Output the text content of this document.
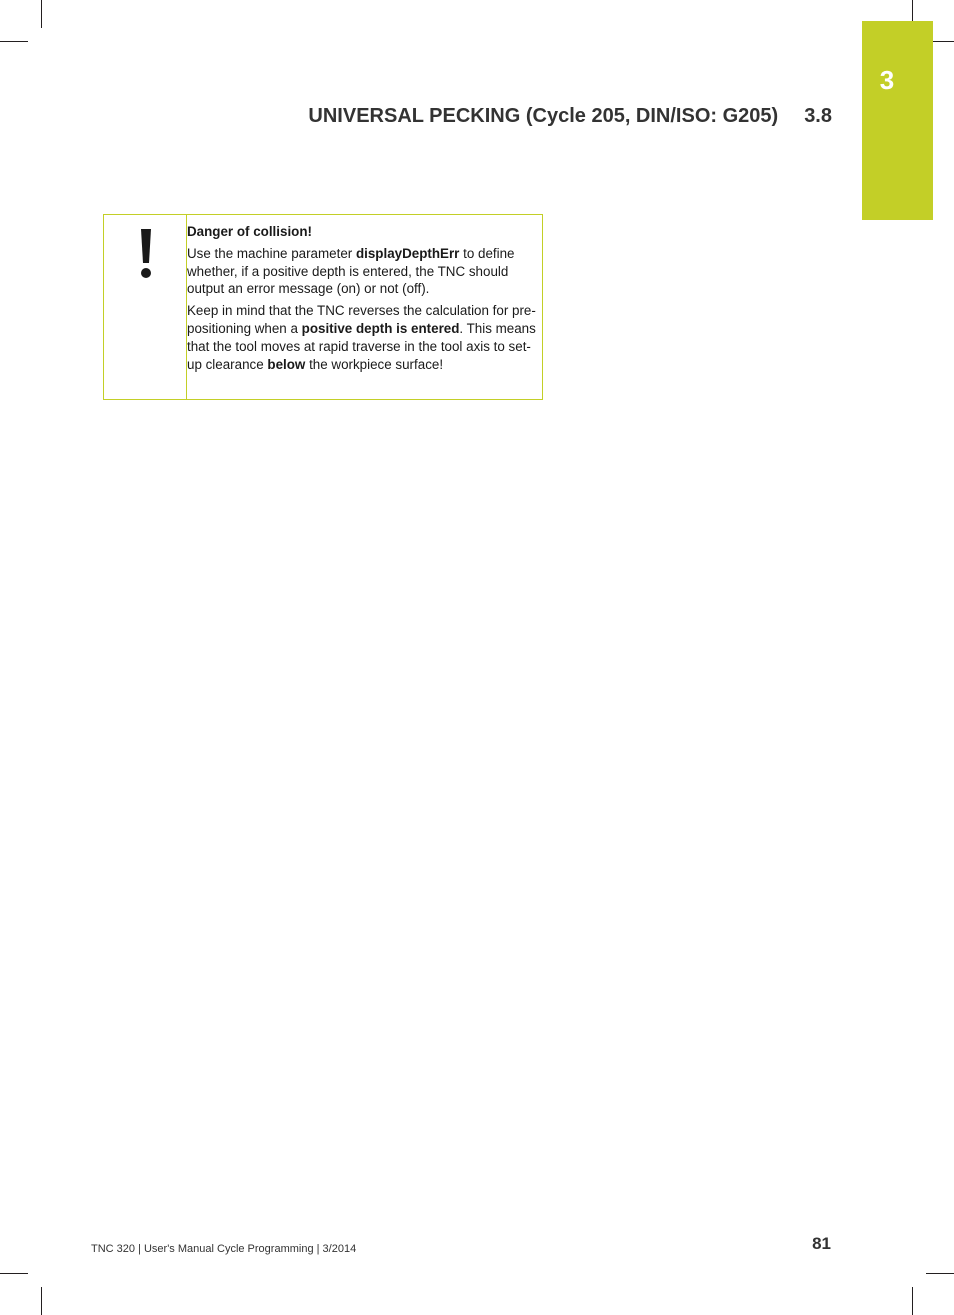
3
UNIVERSAL PECKING (Cycle 205, DIN/ISO: G205) 3.8

Danger of collision!

Use the machine parameter displayDepthErr to define whether, if a positive depth is entered, the TNC should output an error message (on) or not (off).

Keep in mind that the TNC reverses the calculation for pre-positioning when a positive depth is entered. This means that the tool moves at rapid traverse in the tool axis to set-up clearance below the workpiece surface!

TNC 320 | User's Manual Cycle Programming | 3/2014	81
